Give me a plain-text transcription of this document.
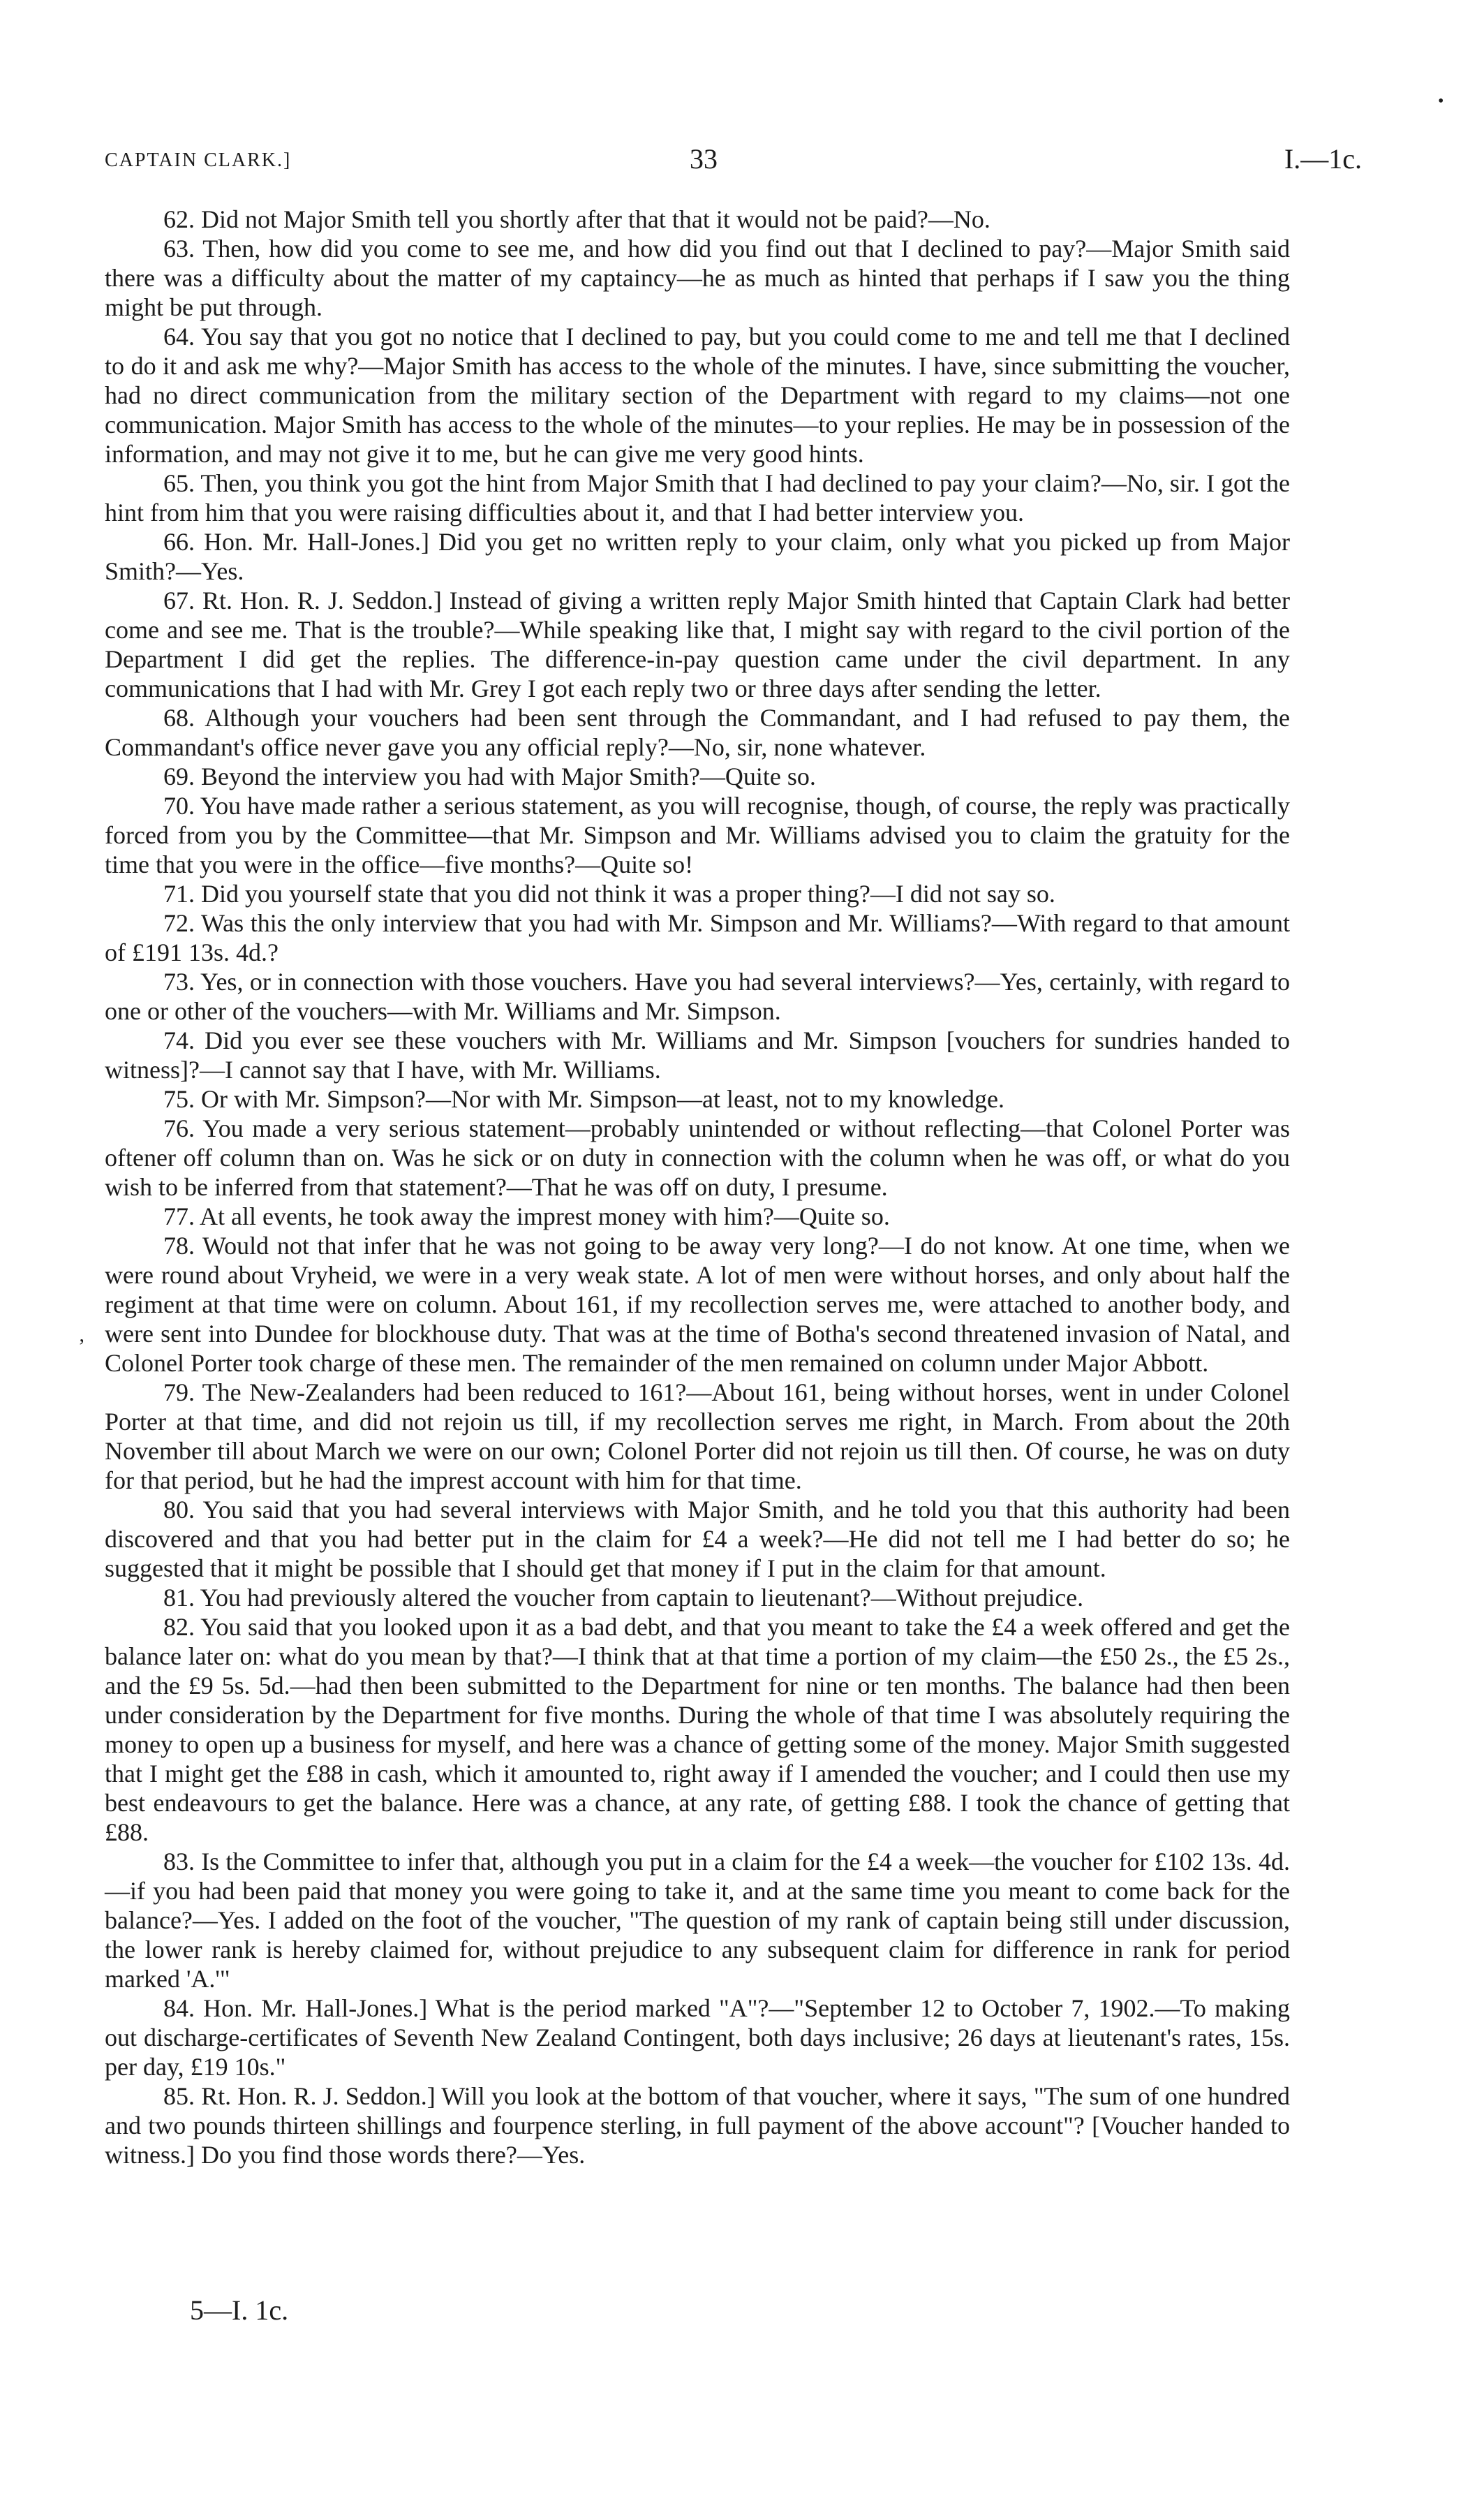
•
CAPTAIN CLARK.]	33	I.—1c.
ʼ

62. Did not Major Smith tell you shortly after that that it would not be paid?—No.

63. Then, how did you come to see me, and how did you find out that I declined to pay?—Major Smith said there was a difficulty about the matter of my captaincy—he as much as hinted that perhaps if I saw you the thing might be put through.

64. You say that you got no notice that I declined to pay, but you could come to me and tell me that I declined to do it and ask me why?—Major Smith has access to the whole of the minutes. I have, since submitting the voucher, had no direct communication from the military section of the Department with regard to my claims—not one communication. Major Smith has access to the whole of the minutes—to your replies. He may be in possession of the information, and may not give it to me, but he can give me very good hints.

65. Then, you think you got the hint from Major Smith that I had declined to pay your claim?—No, sir. I got the hint from him that you were raising difficulties about it, and that I had better interview you.

66. Hon. Mr. Hall-Jones.] Did you get no written reply to your claim, only what you picked up from Major Smith?—Yes.

67. Rt. Hon. R. J. Seddon.] Instead of giving a written reply Major Smith hinted that Captain Clark had better come and see me. That is the trouble?—While speaking like that, I might say with regard to the civil portion of the Department I did get the replies. The difference-in-pay question came under the civil department. In any communications that I had with Mr. Grey I got each reply two or three days after sending the letter.

68. Although your vouchers had been sent through the Commandant, and I had refused to pay them, the Commandant's office never gave you any official reply?—No, sir, none whatever.

69. Beyond the interview you had with Major Smith?—Quite so.

70. You have made rather a serious statement, as you will recognise, though, of course, the reply was practically forced from you by the Committee—that Mr. Simpson and Mr. Williams advised you to claim the gratuity for the time that you were in the office—five months?—Quite so!

71. Did you yourself state that you did not think it was a proper thing?—I did not say so.

72. Was this the only interview that you had with Mr. Simpson and Mr. Williams?—With regard to that amount of £191 13s. 4d.?

73. Yes, or in connection with those vouchers. Have you had several interviews?—Yes, certainly, with regard to one or other of the vouchers—with Mr. Williams and Mr. Simpson.

74. Did you ever see these vouchers with Mr. Williams and Mr. Simpson [vouchers for sundries handed to witness]?—I cannot say that I have, with Mr. Williams.

75. Or with Mr. Simpson?—Nor with Mr. Simpson—at least, not to my knowledge.

76. You made a very serious statement—probably unintended or without reflecting—that Colonel Porter was oftener off column than on. Was he sick or on duty in connection with the column when he was off, or what do you wish to be inferred from that statement?—That he was off on duty, I presume.

77. At all events, he took away the imprest money with him?—Quite so.

78. Would not that infer that he was not going to be away very long?—I do not know. At one time, when we were round about Vryheid, we were in a very weak state. A lot of men were without horses, and only about half the regiment at that time were on column. About 161, if my recollection serves me, were attached to another body, and were sent into Dundee for blockhouse duty. That was at the time of Botha's second threatened invasion of Natal, and Colonel Porter took charge of these men. The remainder of the men remained on column under Major Abbott.

79. The New-Zealanders had been reduced to 161?—About 161, being without horses, went in under Colonel Porter at that time, and did not rejoin us till, if my recollection serves me right, in March. From about the 20th November till about March we were on our own; Colonel Porter did not rejoin us till then. Of course, he was on duty for that period, but he had the imprest account with him for that time.

80. You said that you had several interviews with Major Smith, and he told you that this authority had been discovered and that you had better put in the claim for £4 a week?—He did not tell me I had better do so; he suggested that it might be possible that I should get that money if I put in the claim for that amount.

81. You had previously altered the voucher from captain to lieutenant?—Without prejudice.

82. You said that you looked upon it as a bad debt, and that you meant to take the £4 a week offered and get the balance later on: what do you mean by that?—I think that at that time a portion of my claim—the £50 2s., the £5 2s., and the £9 5s. 5d.—had then been submitted to the Department for nine or ten months. The balance had then been under consideration by the Department for five months. During the whole of that time I was absolutely requiring the money to open up a business for myself, and here was a chance of getting some of the money. Major Smith suggested that I might get the £88 in cash, which it amounted to, right away if I amended the voucher; and I could then use my best endeavours to get the balance. Here was a chance, at any rate, of getting £88. I took the chance of getting that £88.

83. Is the Committee to infer that, although you put in a claim for the £4 a week—the voucher for £102 13s. 4d.—if you had been paid that money you were going to take it, and at the same time you meant to come back for the balance?—Yes. I added on the foot of the voucher, "The question of my rank of captain being still under discussion, the lower rank is hereby claimed for, without prejudice to any subsequent claim for difference in rank for period marked 'A.'"

84. Hon. Mr. Hall-Jones.] What is the period marked "A"?—"September 12 to October 7, 1902.—To making out discharge-certificates of Seventh New Zealand Contingent, both days inclusive; 26 days at lieutenant's rates, 15s. per day, £19 10s."

85. Rt. Hon. R. J. Seddon.] Will you look at the bottom of that voucher, where it says, "The sum of one hundred and two pounds thirteen shillings and fourpence sterling, in full payment of the above account"? [Voucher handed to witness.] Do you find those words there?—Yes.

5—I. 1c.
